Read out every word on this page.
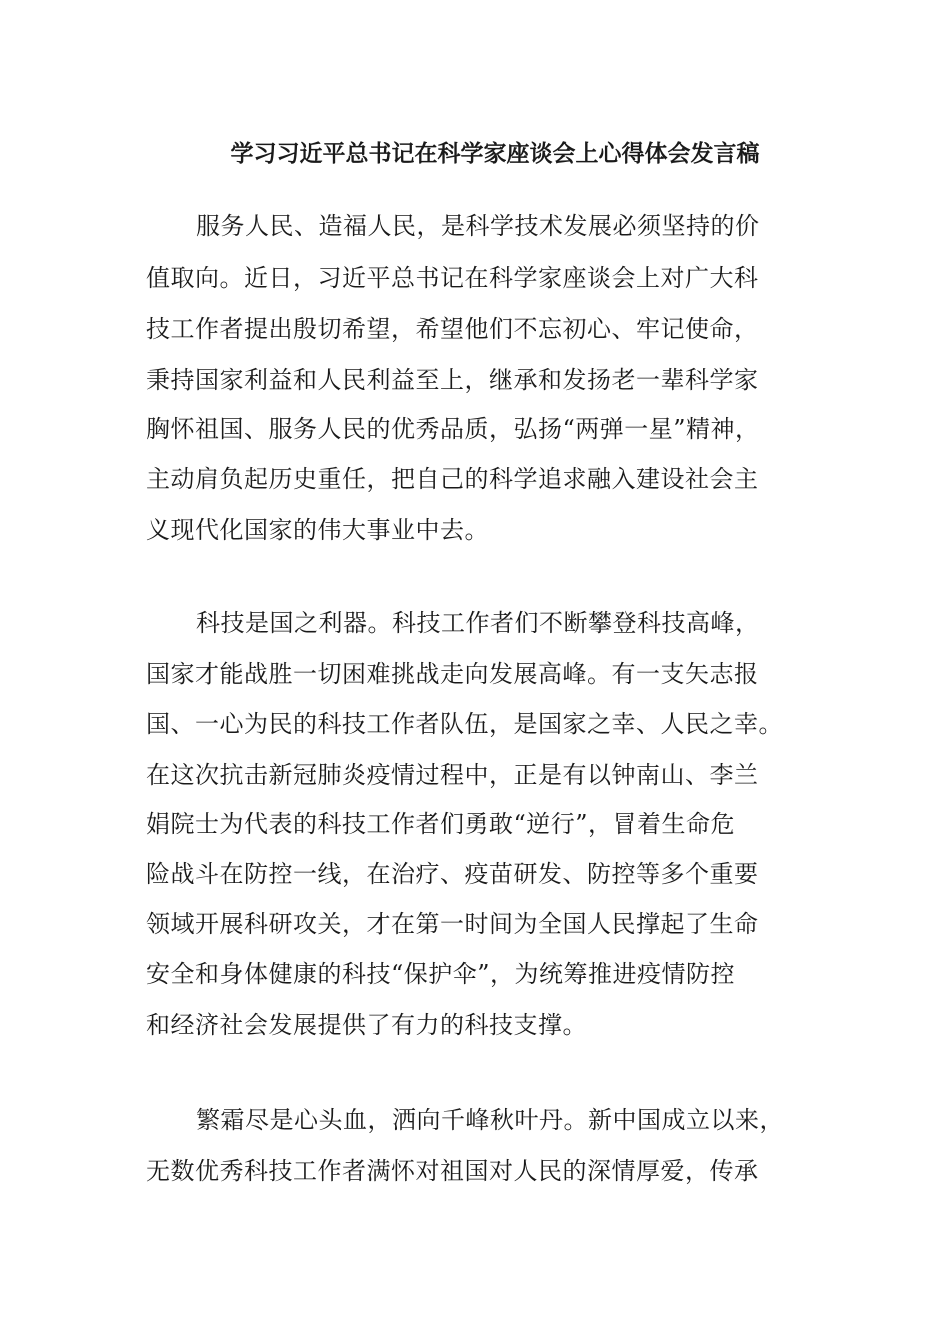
学习习近平总书记在科学家座谈会上心得体会发言稿
服务人民、造福人民，是科学技术发展必须坚持的价
值取向。近日，习近平总书记在科学家座谈会上对广大科
技工作者提出殷切希望，希望他们不忘初心、牢记使命，
秉持国家利益和人民利益至上，继承和发扬老一辈科学家
胸怀祖国、服务人民的优秀品质，弘扬“两弹一星”精神，
主动肩负起历史重任，把自己的科学追求融入建设社会主
义现代化国家的伟大事业中去。
科技是国之利器。科技工作者们不断攀登科技高峰，
国家才能战胜一切困难挑战走向发展高峰。有一支矢志报
国、一心为民的科技工作者队伍，是国家之幸、人民之幸。
在这次抗击新冠肺炎疫情过程中，正是有以钟南山、李兰
娟院士为代表的科技工作者们勇敢“逆行”，冒着生命危
险战斗在防控一线，在治疗、疫苗研发、防控等多个重要
领域开展科研攻关，才在第一时间为全国人民撑起了生命
安全和身体健康的科技“保护伞”，为统筹推进疫情防控
和经济社会发展提供了有力的科技支撑。
繁霜尽是心头血，洒向千峰秋叶丹。新中国成立以来，
无数优秀科技工作者满怀对祖国对人民的深情厚爱，传承
